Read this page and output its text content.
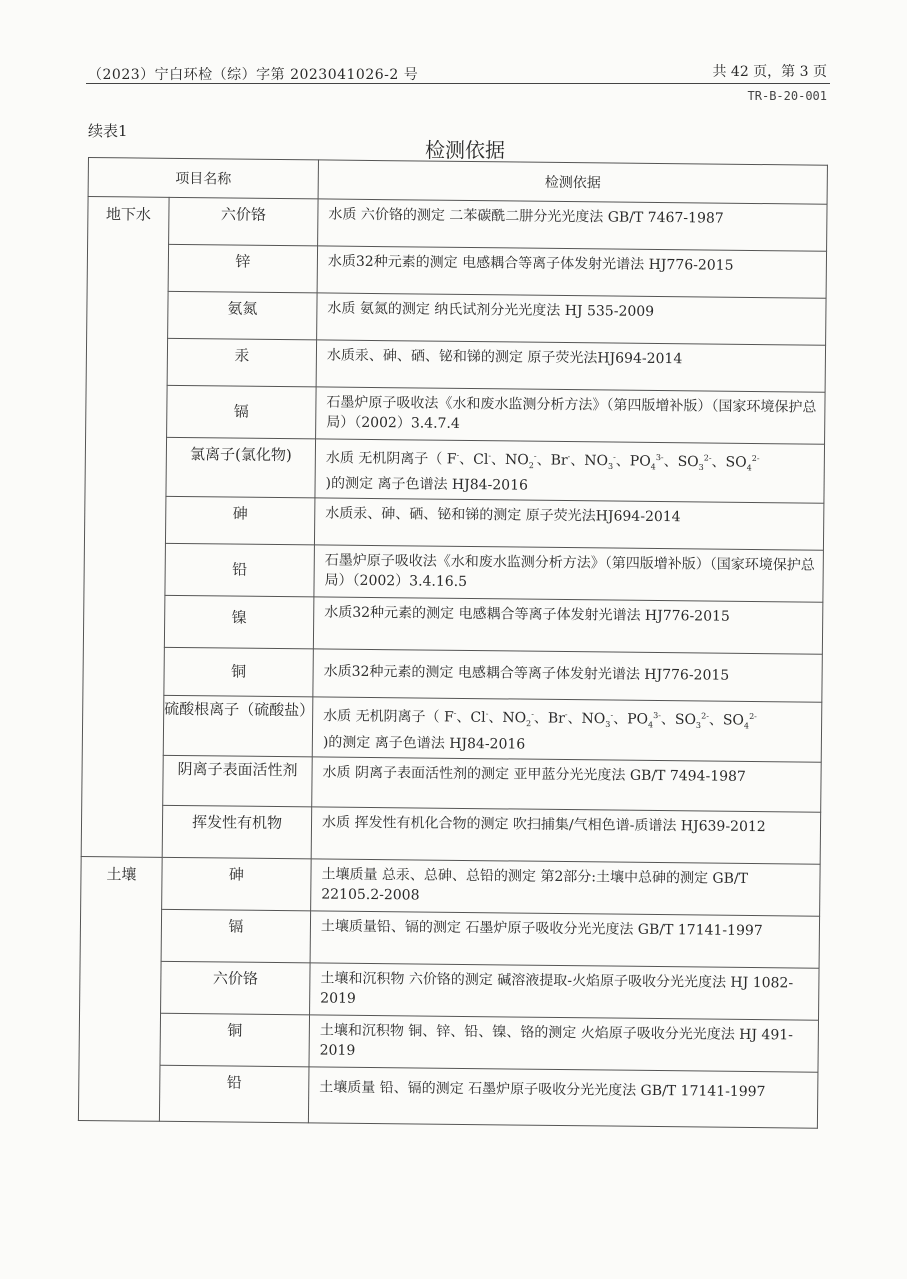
（2023）宁白环检（综）字第 2023041026-2 号	共 42 页，第 3 页
TR-B-20-001
续表1
检测依据
项目名称		检测依据
地下水	六价铬	水质 六价铬的测定 二苯碳酰二肼分光光度法 GB/T 7467-1987
	锌	水质32种元素的测定 电感耦合等离子体发射光谱法 HJ776-2015
	氨氮	水质 氨氮的测定 纳氏试剂分光光度法 HJ 535-2009
	汞	水质汞、砷、硒、铋和锑的测定 原子荧光法HJ694-2014
	镉	石墨炉原子吸收法《水和废水监测分析方法》（第四版增补版）（国家环境保护总局）（2002）3.4.7.4
	氯离子(氯化物)	水质 无机阴离子（ F-、Cl-、$NO_2^-$、Br-、$NO_3^-$、$PO_4^{3-}$、$SO_3^{2-}$、$SO_4^{2-}$
)的测定 离子色谱法 HJ84-2016
	砷	水质汞、砷、硒、铋和锑的测定 原子荧光法HJ694-2014
	铅	石墨炉原子吸收法《水和废水监测分析方法》（第四版增补版）（国家环境保护总局）（2002）3.4.16.5
	镍	水质32种元素的测定 电感耦合等离子体发射光谱法 HJ776-2015
	铜	水质32种元素的测定 电感耦合等离子体发射光谱法 HJ776-2015
	硫酸根离子（硫酸盐）	水质 无机阴离子（ F-、Cl-、$NO_2^-$、Br-、$NO_3^-$、$PO_4^{3-}$、$SO_3^{2-}$、$SO_4^{2-}$
)的测定 离子色谱法 HJ84-2016
	阴离子表面活性剂	水质 阴离子表面活性剂的测定 亚甲蓝分光光度法 GB/T 7494-1987
	挥发性有机物	水质 挥发性有机化合物的测定 吹扫捕集/气相色谱-质谱法 HJ639-2012
土壤	砷	土壤质量 总汞、总砷、总铅的测定 第2部分:土壤中总砷的测定 GB/T 22105.2-2008
	镉	土壤质量铅、镉的测定 石墨炉原子吸收分光光度法 GB/T 17141-1997
	六价铬	土壤和沉积物 六价铬的测定 碱溶液提取-火焰原子吸收分光光度法 HJ 1082-2019
	铜	土壤和沉积物 铜、锌、铅、镍、铬的测定 火焰原子吸收分光光度法 HJ 491-2019
	铅	土壤质量 铅、镉的测定 石墨炉原子吸收分光光度法 GB/T 17141-1997
